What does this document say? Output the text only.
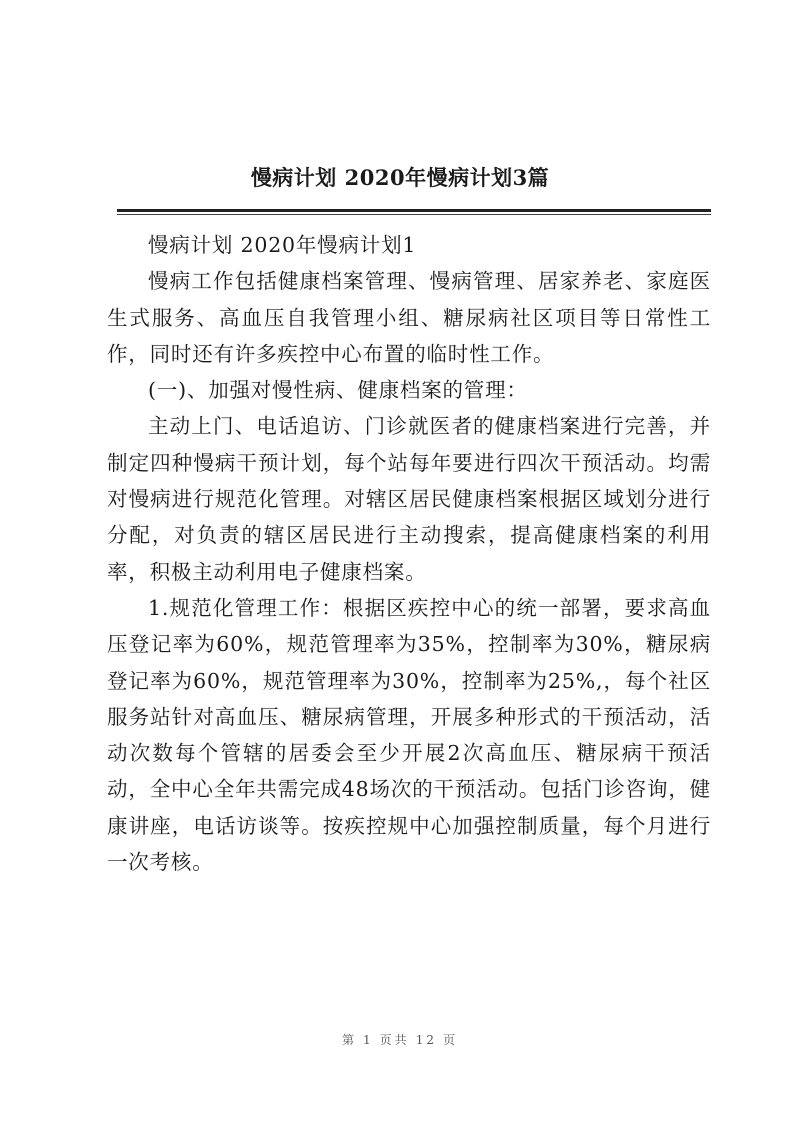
慢病计划 2020年慢病计划3篇

慢病计划 2020年慢病计划1

慢病工作包括健康档案管理、慢病管理、居家养老、家庭医生式服务、高血压自我管理小组、糖尿病社区项目等日常性工作，同时还有许多疾控中心布置的临时性工作。

(一)、加强对慢性病、健康档案的管理：

主动上门、电话追访、门诊就医者的健康档案进行完善，并制定四种慢病干预计划，每个站每年要进行四次干预活动。均需对慢病进行规范化管理。对辖区居民健康档案根据区域划分进行分配，对负责的辖区居民进行主动搜索，提高健康档案的利用率，积极主动利用电子健康档案。

1.规范化管理工作：根据区疾控中心的统一部署，要求高血压登记率为60%，规范管理率为35%，控制率为30%，糖尿病登记率为60%，规范管理率为30%，控制率为25%,，每个社区服务站针对高血压、糖尿病管理，开展多种形式的干预活动，活动次数每个管辖的居委会至少开展2次高血压、糖尿病干预活动，全中心全年共需完成48场次的干预活动。包括门诊咨询，健康讲座，电话访谈等。按疾控规中心加强控制质量，每个月进行一次考核。

第 1 页共 12 页
